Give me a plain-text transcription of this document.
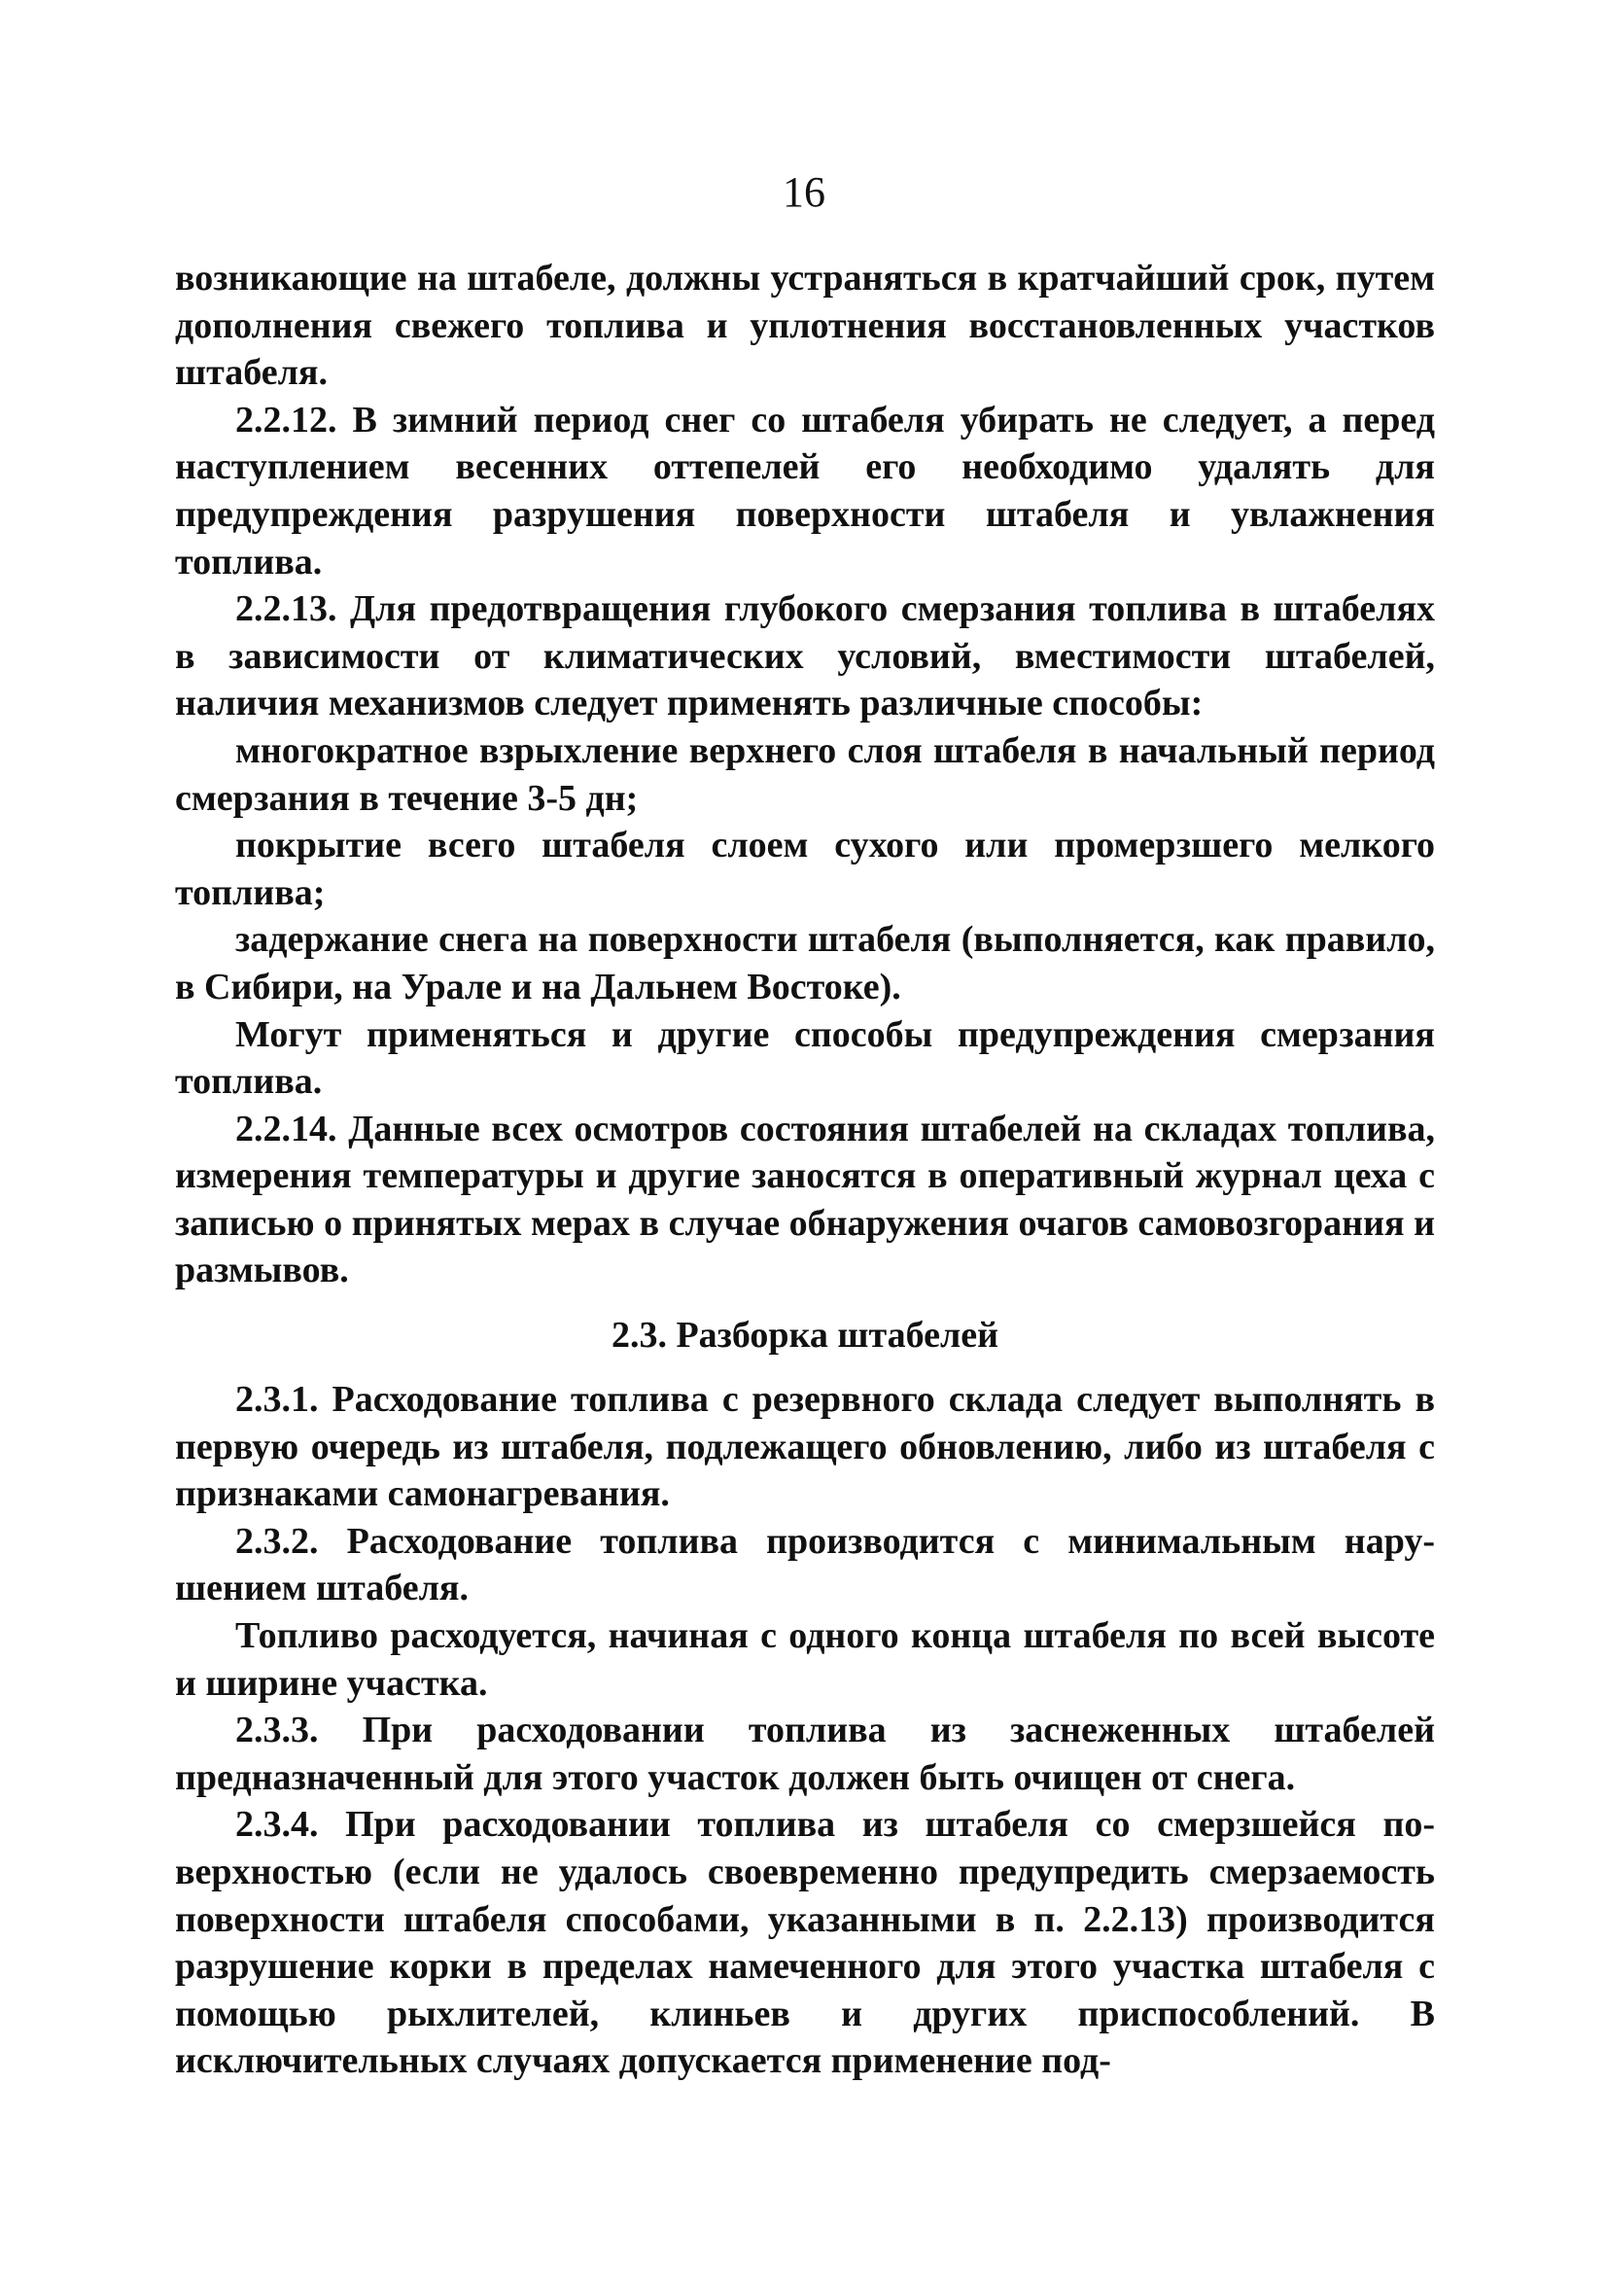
16

возникающие на штабеле, должны устраняться в кратчайший срок, путем дополнения свежего топлива и уплотнения восстановленных участков штабеля.

2.2.12. В зимний период снег со штабеля убирать не следует, а перед наступлением весенних оттепелей его необходимо удалять для предупреждения разрушения поверхности штабеля и увлажнения топлива.

2.2.13. Для предотвращения глубокого смерзания топлива в штабелях в зависимости от климатических условий, вместимости штабелей, наличия механизмов следует применять различные способы:

многократное взрыхление верхнего слоя штабеля в начальный период смерзания в течение 3-5 дн;

покрытие всего штабеля слоем сухого или промерзшего мелкого топлива;

задержание снега на поверхности штабеля (выполняется, как правило, в Сибири, на Урале и на Дальнем Востоке).

Могут применяться и другие способы предупреждения смерзания топлива.

2.2.14. Данные всех осмотров состояния штабелей на складах топлива, измерения температуры и другие заносятся в оперативный журнал цеха с записью о принятых мерах в случае обнаружения очагов самовозгорания и размывов.

2.3. Разборка штабелей

2.3.1. Расходование топлива с резервного склада следует выполнять в первую очередь из штабеля, подлежащего обновлению, либо из штабеля с признаками самонагревания.

2.3.2. Расходование топлива производится с минимальным нарушением штабеля.

Топливо расходуется, начиная с одного конца штабеля по всей высоте и ширине участка.

2.3.3. При расходовании топлива из заснеженных штабелей предназначенный для этого участок должен быть очищен от снега.

2.3.4. При расходовании топлива из штабеля со смерзшейся поверхностью (если не удалось своевременно предупредить смерзаемость поверхности штабеля способами, указанными в п. 2.2.13) производится разрушение корки в пределах намеченного для этого участка штабеля с помощью рыхлителей, клиньев и других приспособлений. В исключительных случаях допускается применение под-
